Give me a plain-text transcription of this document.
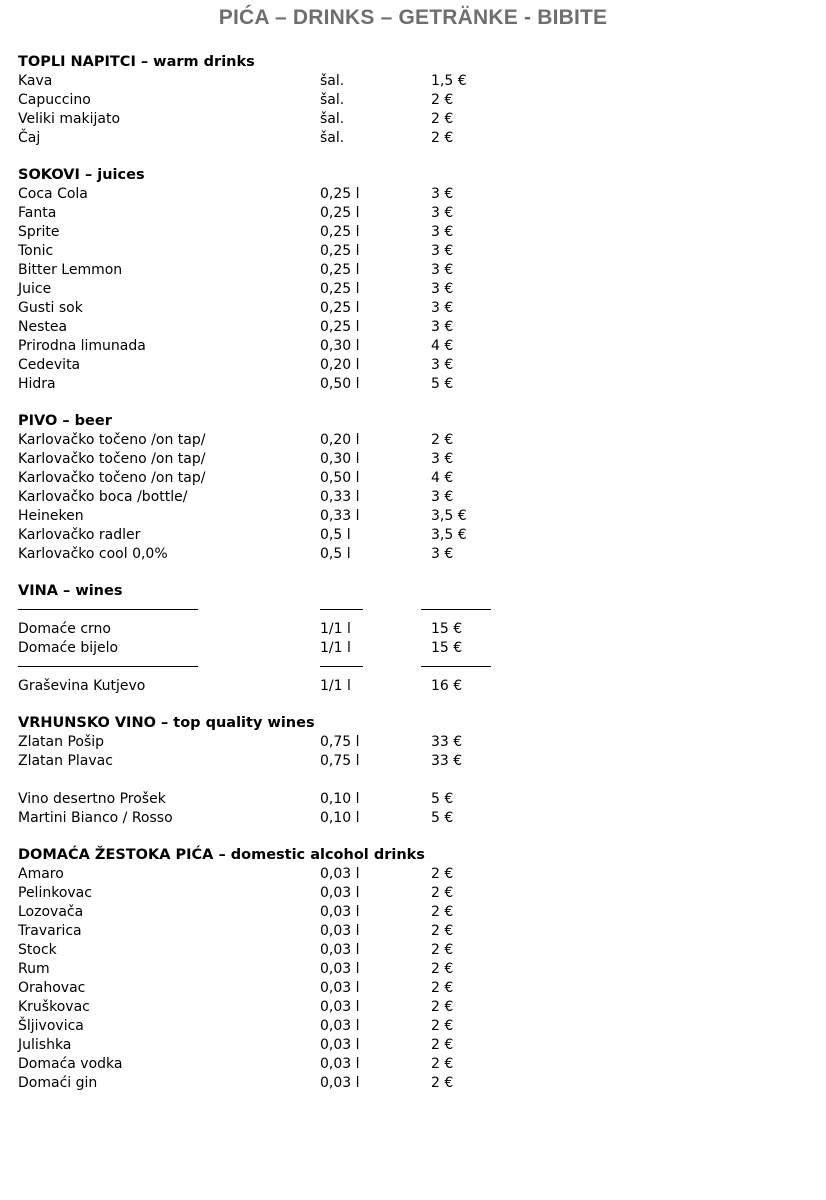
PIĆA – DRINKS – GETRÄNKE - BIBITE
TOPLI NAPITCI – warm drinks
Kava	šal.	1,5 €
Capuccino	šal.	2 €
Veliki makijato	šal.	2 €
Čaj	šal.	2 €
SOKOVI – juices
Coca Cola	0,25 l	3 €
Fanta	0,25 l	3 €
Sprite	0,25 l	3 €
Tonic	0,25 l	3 €
Bitter Lemmon	0,25 l	3 €
Juice	0,25 l	3 €
Gusti sok	0,25 l	3 €
Nestea	0,25 l	3 €
Prirodna limunada	0,30 l	4 €
Cedevita	0,20 l	3 €
Hidra	0,50 l	5 €
PIVO – beer
Karlovačko točeno /on tap/	0,20 l	2 €
Karlovačko točeno /on tap/	0,30 l	3 €
Karlovačko točeno /on tap/	0,50 l	4 €
Karlovačko boca /bottle/	0,33 l	3 €
Heineken	0,33 l	3,5 €
Karlovačko radler	0,5 l	3,5 €
Karlovačko cool 0,0%	0,5 l	3 €
VINA – wines
Domaće crno	1/1 l	15 €
Domaće bijelo	1/1 l	15 €
Graševina Kutjevo	1/1 l	16 €
VRHUNSKO VINO – top quality wines
Zlatan Pošip	0,75 l	33 €
Zlatan Plavac	0,75 l	33 €
Vino desertno Prošek	0,10 l	5 €
Martini Bianco / Rosso	0,10 l	5 €
DOMAĆA ŽESTOKA PIĆA – domestic alcohol drinks
Amaro	0,03 l	2 €
Pelinkovac	0,03 l	2 €
Lozovača	0,03 l	2 €
Travarica	0,03 l	2 €
Stock	0,03 l	2 €
Rum	0,03 l	2 €
Orahovac	0,03 l	2 €
Kruškovac	0,03 l	2 €
Šljivovica	0,03 l	2 €
Julishka	0,03 l	2 €
Domaća vodka	0,03 l	2 €
Domaći gin	0,03 l	2 €
